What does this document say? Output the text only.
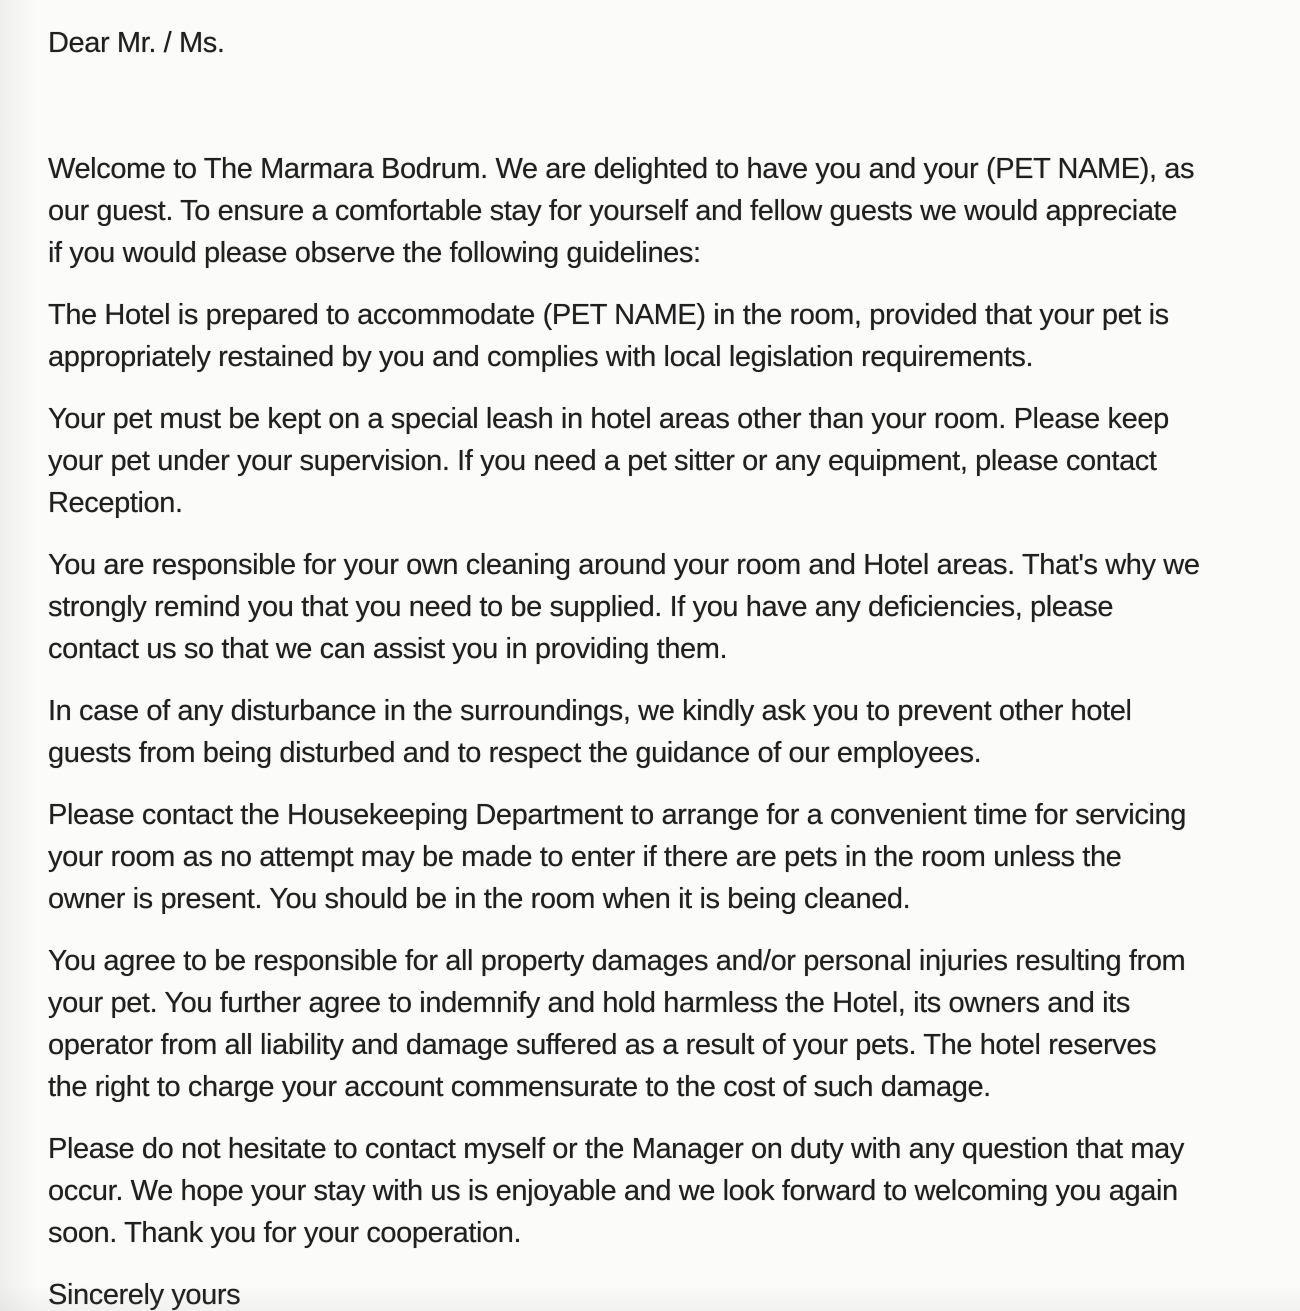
Dear Mr. / Ms.

Welcome to The Marmara Bodrum. We are delighted to have you and your (PET NAME), as
our guest. To ensure a comfortable stay for yourself and fellow guests we would appreciate
if you would please observe the following guidelines:

The Hotel is prepared to accommodate (PET NAME) in the room, provided that your pet is
appropriately restained by you and complies with local legislation requirements.

Your pet must be kept on a special leash in hotel areas other than your room. Please keep
your pet under your supervision. If you need a pet sitter or any equipment, please contact
Reception.

You are responsible for your own cleaning around your room and Hotel areas. That's why we
strongly remind you that you need to be supplied. If you have any deficiencies, please
contact us so that we can assist you in providing them.

In case of any disturbance in the surroundings, we kindly ask you to prevent other hotel
guests from being disturbed and to respect the guidance of our employees.

Please contact the Housekeeping Department to arrange for a convenient time for servicing
your room as no attempt may be made to enter if there are pets in the room unless the
owner is present. You should be in the room when it is being cleaned.

You agree to be responsible for all property damages and/or personal injuries resulting from
your pet. You further agree to indemnify and hold harmless the Hotel, its owners and its
operator from all liability and damage suffered as a result of your pets. The hotel reserves
the right to charge your account commensurate to the cost of such damage.

Please do not hesitate to contact myself or the Manager on duty with any question that may
occur. We hope your stay with us is enjoyable and we look forward to welcoming you again
soon. Thank you for your cooperation.

Sincerely yours
